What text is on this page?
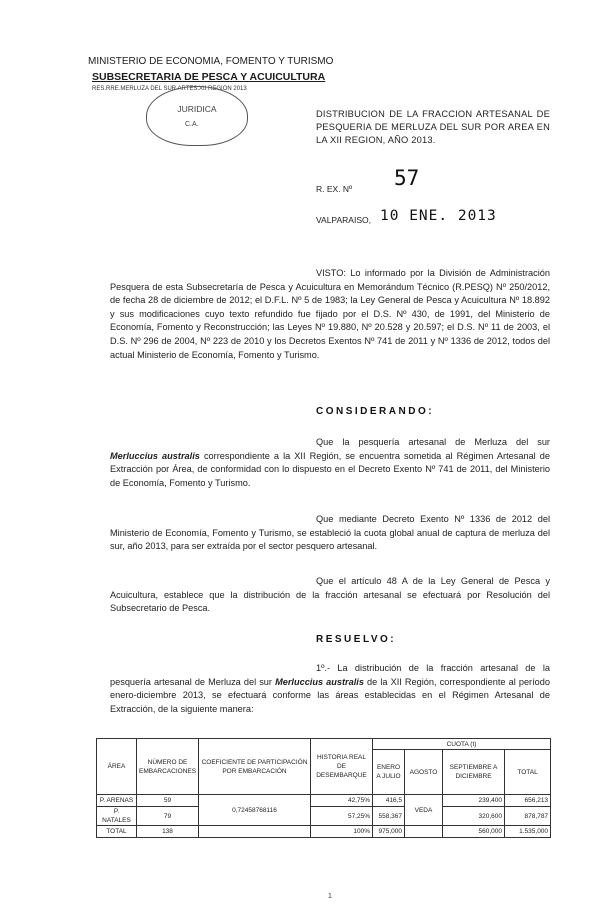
MINISTERIO DE ECONOMIA, FOMENTO Y TURISMO
SUBSECRETARIA DE PESCA Y ACUICULTURA
RES.RRE.MERLUZA DEL SUR ARTES.XII REGION 2013
JURIDICA
C.A.
DISTRIBUCION DE LA FRACCION ARTESANAL DE PESQUERIA DE MERLUZA DEL SUR POR AREA EN LA XII REGION, AÑO 2013.
R. EX. Nº 57
VALPARAISO, 10 ENE. 2013
VISTO: Lo informado por la División de Administración Pesquera de esta Subsecretaría de Pesca y Acuicultura en Memorándum Técnico (R.PESQ) Nº 250/2012, de fecha 28 de diciembre de 2012; el D.F.L. Nº 5 de 1983; la Ley General de Pesca y Acuicultura Nº 18.892 y sus modificaciones cuyo texto refundido fue fijado por el D.S. Nº 430, de 1991, del Ministerio de Economía, Fomento y Reconstrucción; las Leyes Nº 19.880, Nº 20.528 y 20.597; el D.S. Nº 11 de 2003, el D.S. Nº 296 de 2004, Nº 223 de 2010 y los Decretos Exentos Nº 741 de 2011 y Nº 1336 de 2012, todos del actual Ministerio de Economía, Fomento y Turismo.
CONSIDERANDO:
Que la pesquería artesanal de Merluza del sur Merluccius australis correspondiente a la XII Región, se encuentra sometida al Régimen Artesanal de Extracción por Área, de conformidad con lo dispuesto en el Decreto Exento Nº 741 de 2011, del Ministerio de Economía, Fomento y Turismo.
Que mediante Decreto Exento Nº 1336 de 2012 del Ministerio de Economía, Fomento y Turismo, se estableció la cuota global anual de captura de merluza del sur, año 2013, para ser extraída por el sector pesquero artesanal.
Que el artículo 48 A de la Ley General de Pesca y Acuicultura, establece que la distribución de la fracción artesanal se efectuará por Resolución del Subsecretario de Pesca.
RESUELVO:
1º.- La distribución de la fracción artesanal de la pesquería artesanal de Merluza del sur Merluccius australis de la XII Región, correspondiente al período enero-diciembre 2013, se efectuará conforme las áreas establecidas en el Régimen Artesanal de Extracción, de la siguiente manera:
ÁREA	NÚMERO DE EMBARCACIONES	COEFICIENTE DE PARTICIPACIÓN POR EMBARCACIÓN	HISTORIA REAL DE DESEMBARQUE	CUOTA (t)			
				ENERO A JULIO	AGOSTO	SEPTIEMBRE A DICIEMBRE	TOTAL
P. ARENAS	59	0,72458768116	42,75%	416,5	VEDA	239,400	656,213
P. NATALES	79		57,25%	558,367		320,600	878,787
TOTAL	138		100%	975,000		560,000	1.535,000
1
